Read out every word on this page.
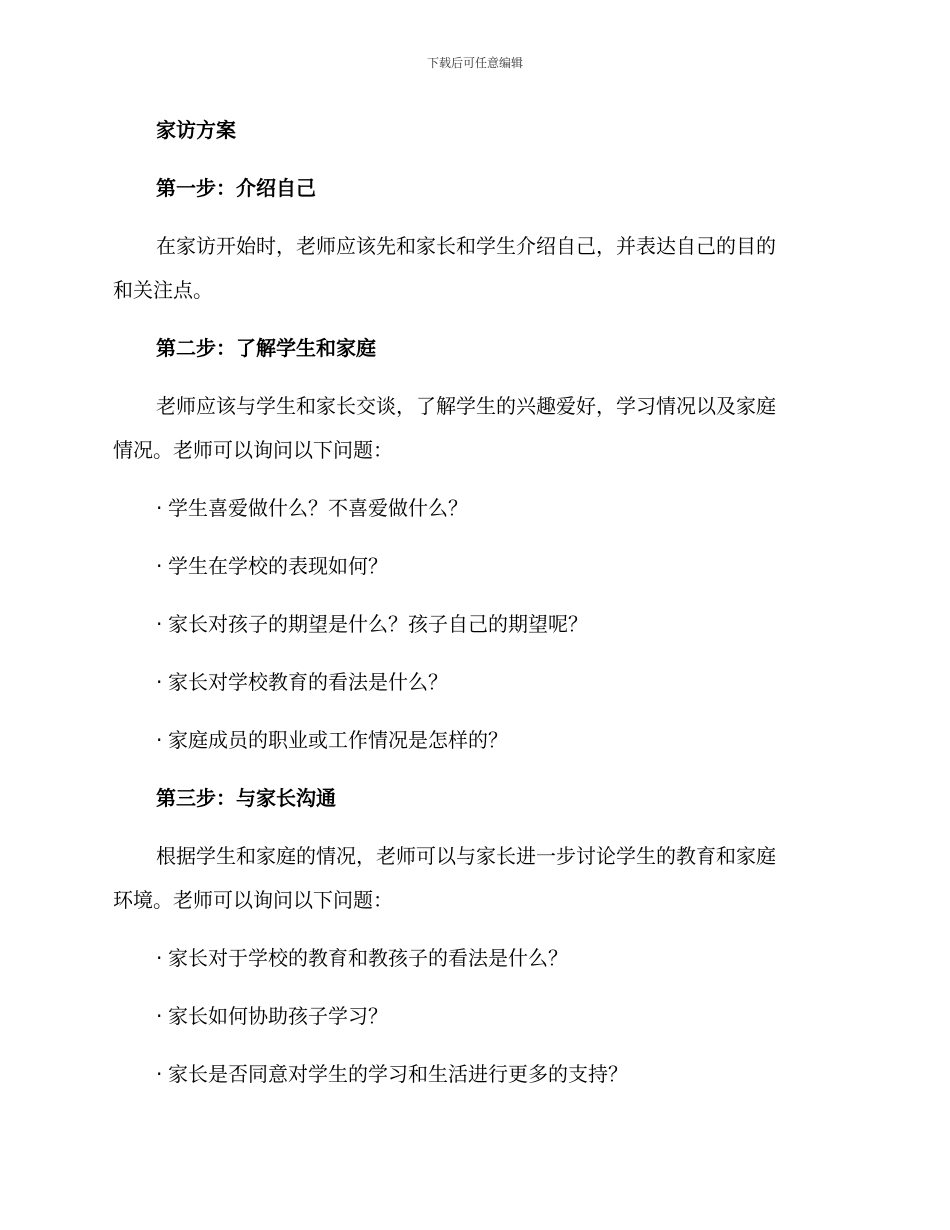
下载后可任意编辑
家访方案
第一步：介绍自己
在家访开始时，老师应该先和家长和学生介绍自己，并表达自己的目的
和关注点。
第二步：了解学生和家庭
老师应该与学生和家长交谈，了解学生的兴趣爱好，学习情况以及家庭
情况。老师可以询问以下问题：
· 学生喜爱做什么？不喜爱做什么？
· 学生在学校的表现如何？
· 家长对孩子的期望是什么？孩子自己的期望呢？
· 家长对学校教育的看法是什么？
· 家庭成员的职业或工作情况是怎样的？
第三步：与家长沟通
根据学生和家庭的情况，老师可以与家长进一步讨论学生的教育和家庭
环境。老师可以询问以下问题：
· 家长对于学校的教育和教孩子的看法是什么？
· 家长如何协助孩子学习？
· 家长是否同意对学生的学习和生活进行更多的支持？
